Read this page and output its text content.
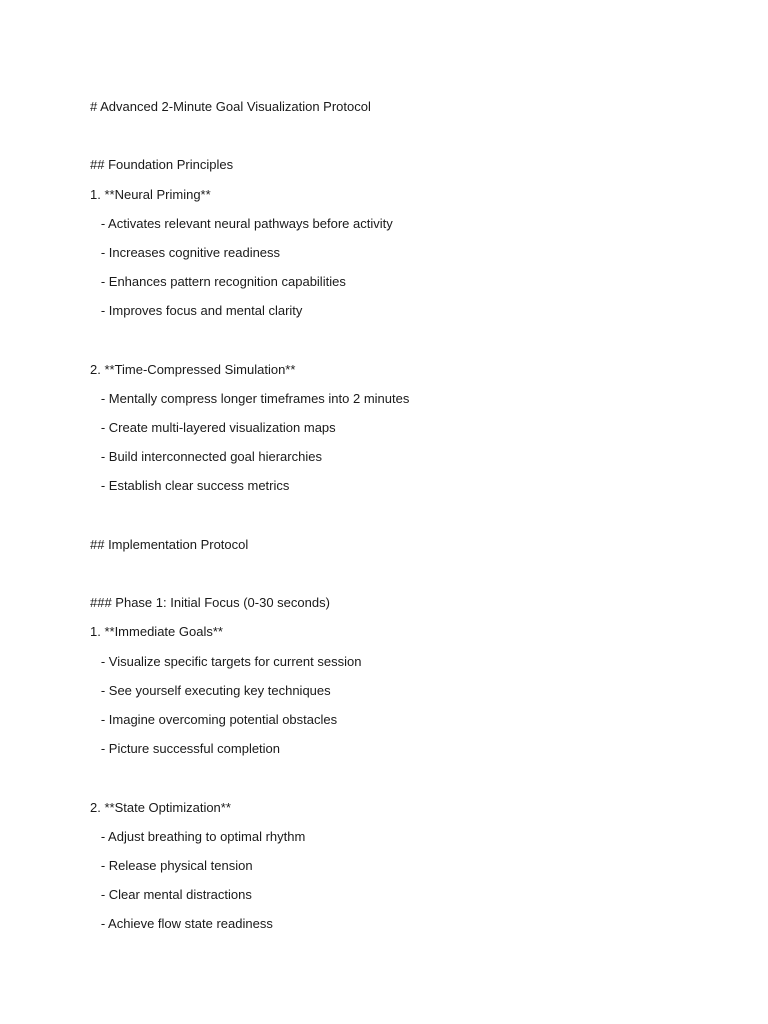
# Advanced 2-Minute Goal Visualization Protocol
## Foundation Principles
1. **Neural Priming**
- Activates relevant neural pathways before activity
- Increases cognitive readiness
- Enhances pattern recognition capabilities
- Improves focus and mental clarity
2. **Time-Compressed Simulation**
- Mentally compress longer timeframes into 2 minutes
- Create multi-layered visualization maps
- Build interconnected goal hierarchies
- Establish clear success metrics
## Implementation Protocol
### Phase 1: Initial Focus (0-30 seconds)
1. **Immediate Goals**
- Visualize specific targets for current session
- See yourself executing key techniques
- Imagine overcoming potential obstacles
- Picture successful completion
2. **State Optimization**
- Adjust breathing to optimal rhythm
- Release physical tension
- Clear mental distractions
- Achieve flow state readiness
